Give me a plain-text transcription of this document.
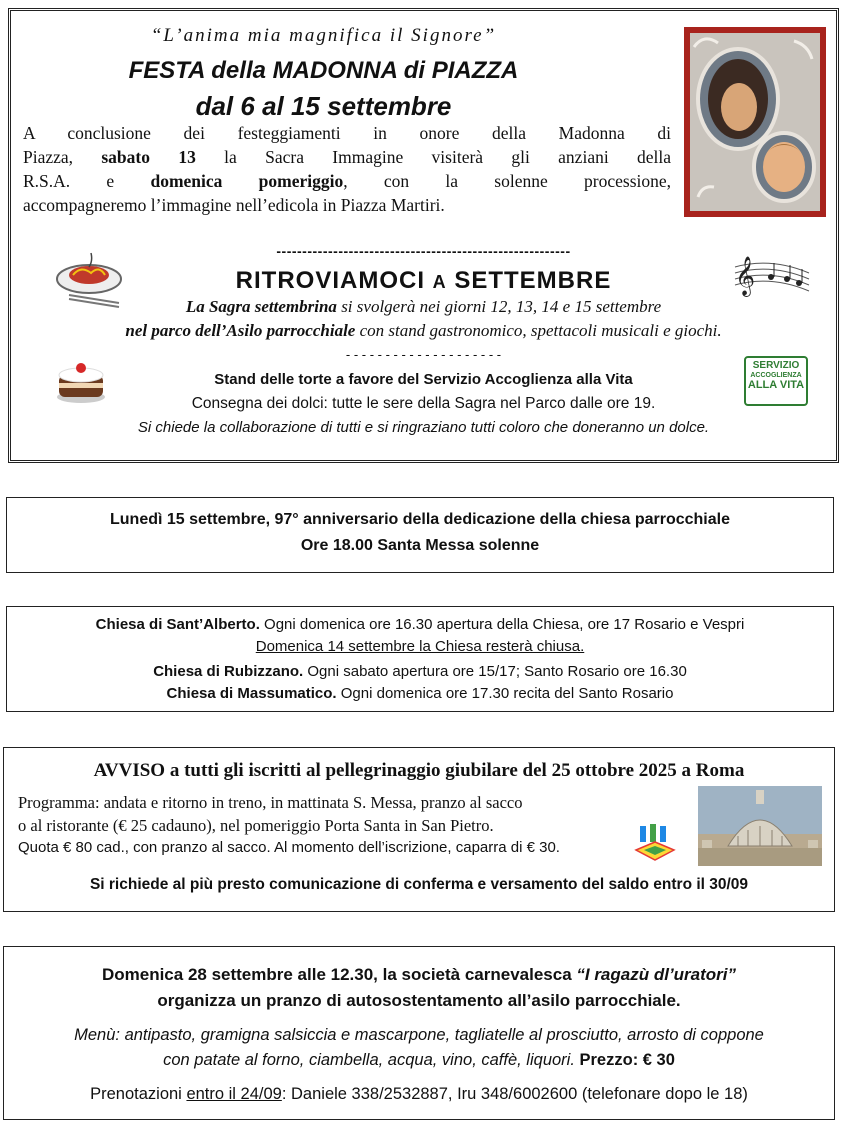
“L’anima mia magnifica il Signore”
FESTA della MADONNA di PIAZZA
dal 6 al 15 settembre
A conclusione dei festeggiamenti in onore della Madonna di
Piazza, sabato 13 la Sacra Immagine visiterà gli anziani della
R.S.A. e domenica pomeriggio, con la solenne processione,
accompagneremo l’immagine nell’edicola in Piazza Martiri.
---------------------------------------------------------
RITROVIAMOCI A SETTEMBRE
La Sagra settembrina si svolgerà nei giorni 12, 13, 14 e 15 settembre
nel parco dell’Asilo parrocchiale con stand gastronomico, spettacoli musicali e giochi.
- - - - - - - - - - - - - - - - - - - -
Stand delle torte a favore del Servizio Accoglienza alla Vita
Consegna dei dolci: tutte le sere della Sagra nel Parco dalle ore 19.
Si chiede la collaborazione di tutti e si ringraziano tutti coloro che doneranno un dolce.
𝄞
SERVIZIO
ACCOGLIENZA
ALLA VITA
Lunedì 15 settembre, 97° anniversario della dedicazione della chiesa parrocchiale
Ore 18.00 Santa Messa solenne
Chiesa di Sant’Alberto. Ogni domenica ore 16.30 apertura della Chiesa, ore 17 Rosario e Vespri
Domenica 14 settembre la Chiesa resterà chiusa.
Chiesa di Rubizzano. Ogni sabato apertura ore 15/17; Santo Rosario ore 16.30
Chiesa di Massumatico. Ogni domenica ore 17.30 recita del Santo Rosario
AVVISO a tutti gli iscritti al pellegrinaggio giubilare del 25 ottobre 2025 a Roma
Programma: andata e ritorno in treno, in mattinata S. Messa, pranzo al sacco
o al ristorante (€ 25 cadauno), nel pomeriggio Porta Santa in San Pietro.
Quota € 80 cad., con pranzo al sacco. Al momento dell’iscrizione, caparra di € 30.
Si richiede al più presto comunicazione di conferma e versamento del saldo entro il 30/09
Domenica 28 settembre alle 12.30, la società carnevalesca “I ragazù dl’uratori”
organizza un pranzo di autosostentamento all’asilo parrocchiale.
Menù: antipasto, gramigna salsiccia e mascarpone, tagliatelle al prosciutto, arrosto di coppone
con patate al forno, ciambella, acqua, vino, caffè, liquori. Prezzo: € 30
Prenotazioni entro il 24/09: Daniele 338/2532887, Iru 348/6002600 (telefonare dopo le 18)
